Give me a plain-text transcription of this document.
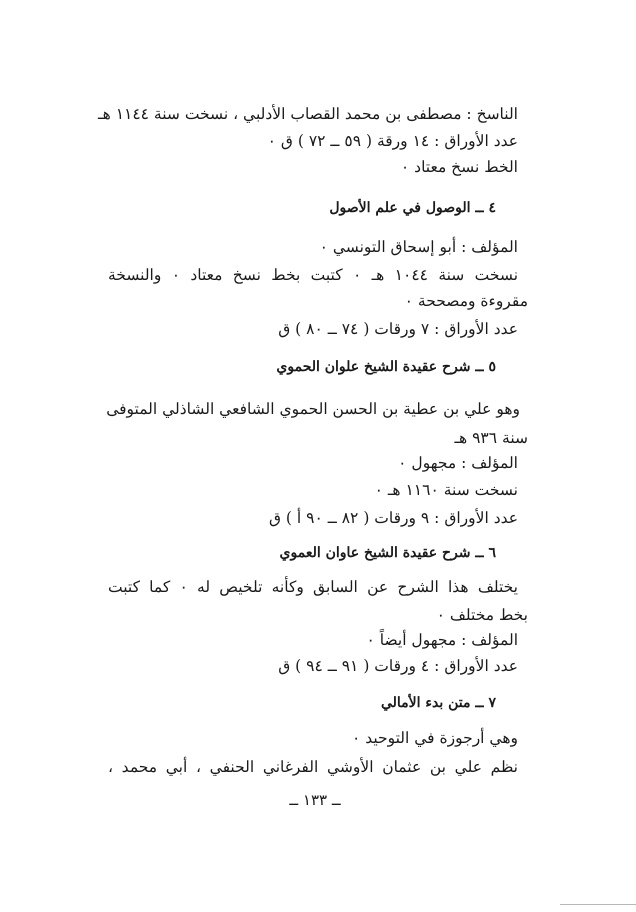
الناسخ : مصطفى بن محمد القصاب الأدلبي ، نسخت سنة ١١٤٤ هـ
عدد الأوراق : ١٤ ورقة ( ٥٩ ــ ٧٢ ) ق ٠
الخط نسخ معتاد ٠
٤ ــ الوصول في علم الأصول
المؤلف : أبو إسحاق التونسي ٠
نسخت سنة ١٠٤٤ هـ ٠ كتبت بخط نسخ معتاد ٠ والنسخة
مقروءة ومصححة ٠
عدد الأوراق : ٧ ورقات ( ٧٤ ــ ٨٠ ) ق
٥ ــ شرح عقيدة الشيخ علوان الحموي
وهو علي بن عطية بن الحسن الحموي الشافعي الشاذلي المتوفى
سنة ٩٣٦ هـ
المؤلف : مجهول ٠
نسخت سنة ١١٦٠ هـ ٠
عدد الأوراق : ٩ ورقات ( ٨٢ ــ ٩٠ أ ) ق
٦ ــ شرح عقيدة الشيخ عاوان العموي
يختلف هذا الشرح عن السابق وكأنه تلخيص له ٠ كما كتبت
بخط مختلف ٠
المؤلف : مجهول أيضاً ٠
عدد الأوراق : ٤ ورقات ( ٩١ ــ ٩٤ ) ق
٧ ــ متن بدء الأمالي
وهي أرجوزة في التوحيد ٠
نظم علي بن عثمان الأوشي الفرغاني الحنفي ، أبي محمد ،
ــ ١٣٣ ــ
